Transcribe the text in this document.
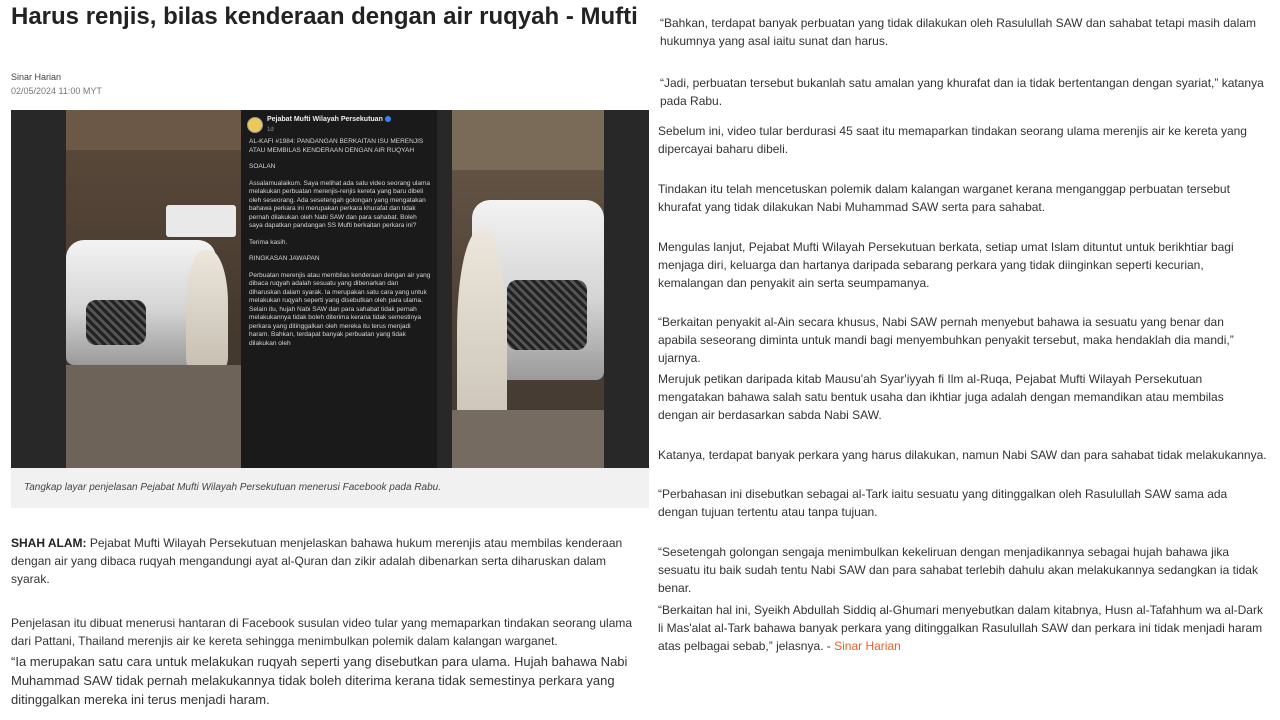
Harus renjis, bilas kenderaan dengan air ruqyah - Mufti
Sinar Harian
02/05/2024 11:00 MYT
Pejabat Mufti Wilayah Persekutuan
1d

AL-KAFI #1984: PANDANGAN BERKAITAN ISU MERENJIS ATAU MEMBILAS KENDERAAN DENGAN AIR RUQYAH

SOALAN

Assalamualaikum. Saya melihat ada satu video seorang ulama melakukan perbuatan merenjis-renjis kereta yang baru dibeli oleh seseorang. Ada sesetengah golongan yang mengatakan bahawa perkara ini merupakan perkara khurafat dan tidak pernah dilakukan oleh Nabi SAW dan para sahabat. Boleh saya dapatkan pandangan SS Mufti berkaitan perkara ini?

Terima kasih.

RINGKASAN JAWAPAN

Perbuatan merenjis atau membilas kenderaan dengan air yang dibaca ruqyah adalah sesuatu yang dibenarkan dan diharuskan dalam syarak. Ia merupakan satu cara yang untuk melakukan ruqyah seperti yang disebutkan oleh para ulama. Selain itu, hujah Nabi SAW dan para sahabat tidak pernah melakukannya tidak boleh diterima kerana tidak semestinya perkara yang ditinggalkan oleh mereka itu terus menjadi haram. Bahkan, terdapat banyak perbuatan yang tidak dilakukan oleh

Tangkap layar penjelasan Pejabat Mufti Wilayah Persekutuan menerusi Facebook pada Rabu.

SHAH ALAM: Pejabat Mufti Wilayah Persekutuan menjelaskan bahawa hukum merenjis atau membilas kenderaan dengan air yang dibaca ruqyah mengandungi ayat al-Quran dan zikir adalah dibenarkan serta diharuskan dalam syarak.

Penjelasan itu dibuat menerusi hantaran di Facebook susulan video tular yang memaparkan tindakan seorang ulama dari Pattani, Thailand merenjis air ke kereta sehingga menimbulkan polemik dalam kalangan warganet.

“Ia merupakan satu cara untuk melakukan ruqyah seperti yang disebutkan para ulama. Hujah bahawa Nabi Muhammad SAW tidak pernah melakukannya tidak boleh diterima kerana tidak semestinya perkara yang ditinggalkan mereka ini terus menjadi haram.

“Bahkan, terdapat banyak perbuatan yang tidak dilakukan oleh Rasulullah SAW dan sahabat tetapi masih dalam hukumnya yang asal iaitu sunat dan harus.

“Jadi, perbuatan tersebut bukanlah satu amalan yang khurafat dan ia tidak bertentangan dengan syariat,” katanya pada Rabu.

Sebelum ini, video tular berdurasi 45 saat itu memaparkan tindakan seorang ulama merenjis air ke kereta yang dipercayai baharu dibeli.

Tindakan itu telah mencetuskan polemik dalam kalangan warganet kerana menganggap perbuatan tersebut khurafat yang tidak dilakukan Nabi Muhammad SAW serta para sahabat.

Mengulas lanjut, Pejabat Mufti Wilayah Persekutuan berkata, setiap umat Islam dituntut untuk berikhtiar bagi menjaga diri, keluarga dan hartanya daripada sebarang perkara yang tidak diinginkan seperti kecurian, kemalangan dan penyakit ain serta seumpamanya.

“Berkaitan penyakit al-Ain secara khusus, Nabi SAW pernah menyebut bahawa ia sesuatu yang benar dan apabila seseorang diminta untuk mandi bagi menyembuhkan penyakit tersebut, maka hendaklah dia mandi,” ujarnya.

Merujuk petikan daripada kitab Mausu'ah Syar'iyyah fi Ilm al-Ruqa, Pejabat Mufti Wilayah Persekutuan mengatakan bahawa salah satu bentuk usaha dan ikhtiar juga adalah dengan memandikan atau membilas dengan air berdasarkan sabda Nabi SAW.

Katanya, terdapat banyak perkara yang harus dilakukan, namun Nabi SAW dan para sahabat tidak melakukannya.

“Perbahasan ini disebutkan sebagai al-Tark iaitu sesuatu yang ditinggalkan oleh Rasulullah SAW sama ada dengan tujuan tertentu atau tanpa tujuan.

“Sesetengah golongan sengaja menimbulkan kekeliruan dengan menjadikannya sebagai hujah bahawa jika sesuatu itu baik sudah tentu Nabi SAW dan para sahabat terlebih dahulu akan melakukannya sedangkan ia tidak benar.

“Berkaitan hal ini, Syeikh Abdullah Siddiq al-Ghumari menyebutkan dalam kitabnya, Husn al-Tafahhum wa al-Dark li Mas'alat al-Tark bahawa banyak perkara yang ditinggalkan Rasulullah SAW dan perkara ini tidak menjadi haram atas pelbagai sebab,” jelasnya. - Sinar Harian
